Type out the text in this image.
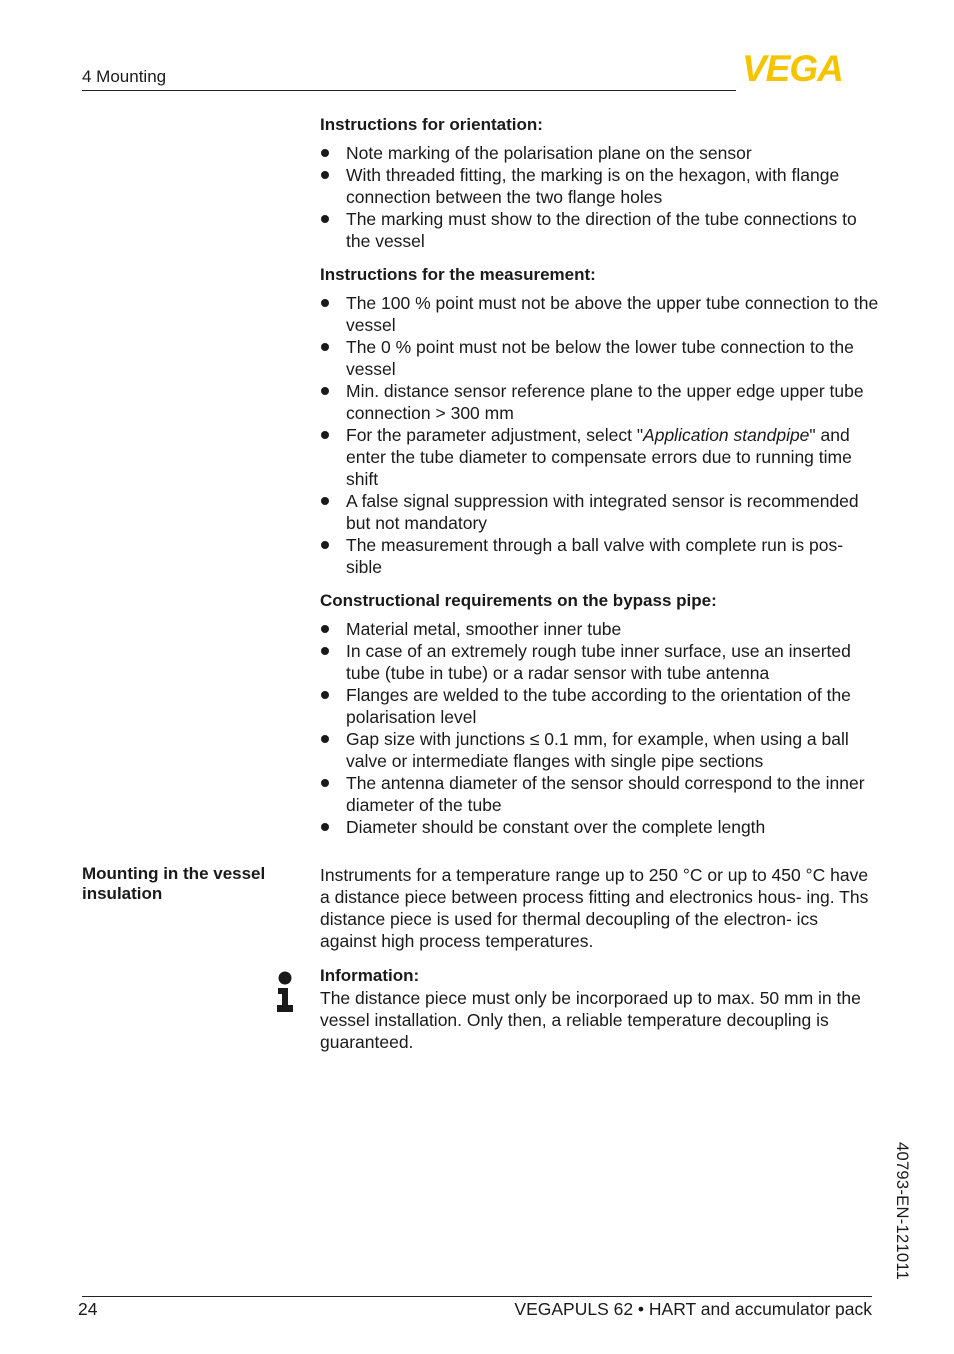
4 Mounting	VEGA
Instructions for orientation:
Note marking of the polarisation plane on the sensor
With threaded fitting, the marking is on the hexagon, with flange connection between the two flange holes
The marking must show to the direction of the tube connections to the vessel
Instructions for the measurement:
The 100 % point must not be above the upper tube connection to the vessel
The 0 % point must not be below the lower tube connection to the vessel
Min. distance sensor reference plane to the upper edge upper tube connection > 300 mm
For the parameter adjustment, select "Application standpipe" and enter the tube diameter to compensate errors due to running time shift
A false signal suppression with integrated sensor is recommended but not mandatory
The measurement through a ball valve with complete run is pos- sible
Constructional requirements on the bypass pipe:
Material metal, smoother inner tube
In case of an extremely rough tube inner surface, use an inserted tube (tube in tube) or a radar sensor with tube antenna
Flanges are welded to the tube according to the orientation of the polarisation level
Gap size with junctions ≤ 0.1 mm, for example, when using a ball valve or intermediate flanges with single pipe sections
The antenna diameter of the sensor should correspond to the inner diameter of the tube
Diameter should be constant over the complete length
Mounting in the vessel insulation
Instruments for a temperature range up to 250 °C or up to 450 °C have a distance piece between process fitting and electronics hous- ing. Ths distance piece is used for thermal decoupling of the electron- ics against high process temperatures.
Information:
The distance piece must only be incorporaed up to max. 50 mm in the vessel installation. Only then, a reliable temperature decoupling is guaranteed.
40793-EN-121011
24	VEGAPULS 62 • HART and accumulator pack
